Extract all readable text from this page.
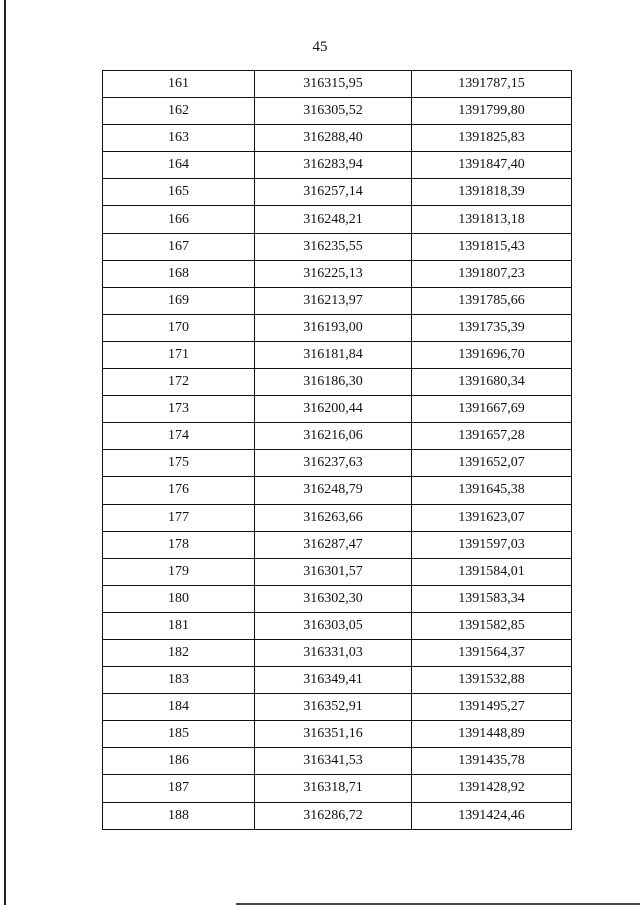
45
161	316315,95	1391787,15
162	316305,52	1391799,80
163	316288,40	1391825,83
164	316283,94	1391847,40
165	316257,14	1391818,39
166	316248,21	1391813,18
167	316235,55	1391815,43
168	316225,13	1391807,23
169	316213,97	1391785,66
170	316193,00	1391735,39
171	316181,84	1391696,70
172	316186,30	1391680,34
173	316200,44	1391667,69
174	316216,06	1391657,28
175	316237,63	1391652,07
176	316248,79	1391645,38
177	316263,66	1391623,07
178	316287,47	1391597,03
179	316301,57	1391584,01
180	316302,30	1391583,34
181	316303,05	1391582,85
182	316331,03	1391564,37
183	316349,41	1391532,88
184	316352,91	1391495,27
185	316351,16	1391448,89
186	316341,53	1391435,78
187	316318,71	1391428,92
188	316286,72	1391424,46
